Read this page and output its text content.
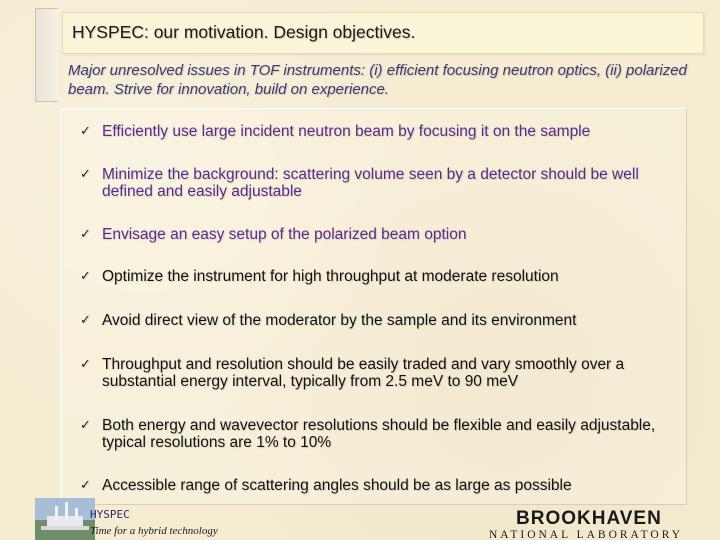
HYSPEC: our motivation. Design objectives.

Major unresolved issues in TOF instruments: (i) efficient focusing neutron optics, (ii) polarized beam. Strive for innovation, build on experience.

✓ Efficiently use large incident neutron beam by focusing it on the sample
✓ Minimize the background: scattering volume seen by a detector should be well defined and easily adjustable
✓ Envisage an easy setup of the polarized beam option
✓ Optimize the instrument for high throughput at moderate resolution
✓ Avoid direct view of the moderator by the sample and its environment
✓ Throughput and resolution should be easily traded and vary smoothly over a substantial energy interval, typically from 2.5 meV to 90 meV
✓ Both energy and wavevector resolutions should be flexible and easily adjustable, typical resolutions are 1% to 10%
✓ Accessible range of scattering angles should be as large as possible

HYSPEC

Time for a hybrid technology

BROOKHAVEN
NATIONAL LABORATORY
